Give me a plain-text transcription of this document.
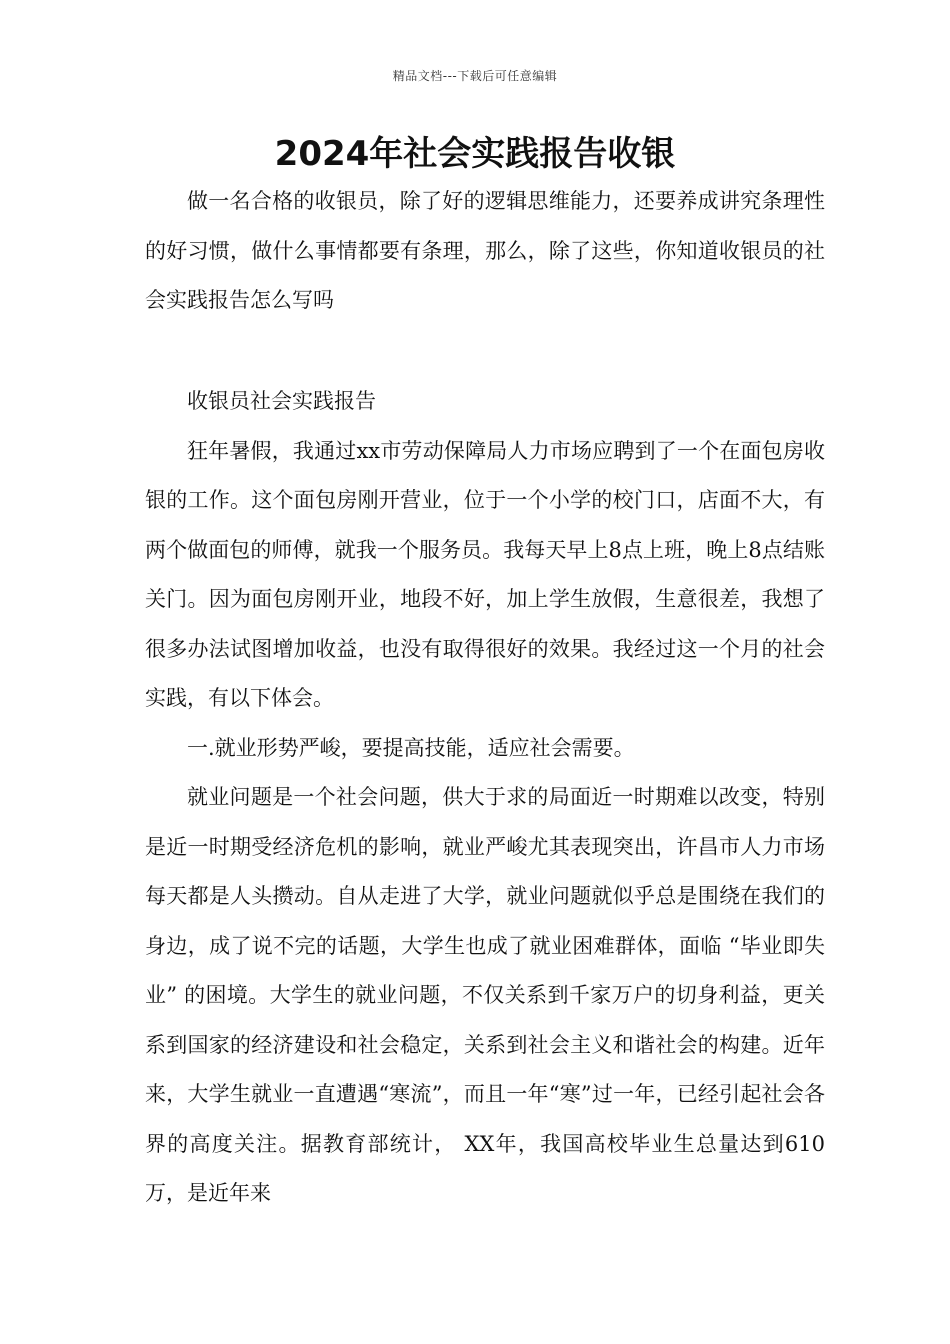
精品文档---下载后可任意编辑
2024年社会实践报告收银

做一名合格的收银员，除了好的逻辑思维能力，还要养成讲究条理性的好习惯，做什么事情都要有条理，那么，除了这些，你知道收银员的社会实践报告怎么写吗

收银员社会实践报告

狂年暑假，我通过xx市劳动保障局人力市场应聘到了一个在面包房收银的工作。这个面包房刚开营业，位于一个小学的校门口，店面不大，有两个做面包的师傅，就我一个服务员。我每天早上8点上班，晚上8点结账关门。因为面包房刚开业，地段不好，加上学生放假，生意很差，我想了很多办法试图增加收益，也没有取得很好的效果。我经过这一个月的社会实践，有以下体会。

一.就业形势严峻，要提高技能，适应社会需要。

就业问题是一个社会问题，供大于求的局面近一时期难以改变，特别是近一时期受经济危机的影响，就业严峻尤其表现突出，许昌市人力市场每天都是人头攒动。自从走进了大学，就业问题就似乎总是围绕在我们的身边，成了说不完的话题，大学生也成了就业困难群体，面临 “毕业即失业” 的困境。大学生的就业问题，不仅关系到千家万户的切身利益，更关系到国家的经济建设和社会稳定，关系到社会主义和谐社会的构建。近年来，大学生就业一直遭遇“寒流”，而且一年“寒”过一年，已经引起社会各界的高度关注。据教育部统计， XX年，我国高校毕业生总量达到610万，是近年来
